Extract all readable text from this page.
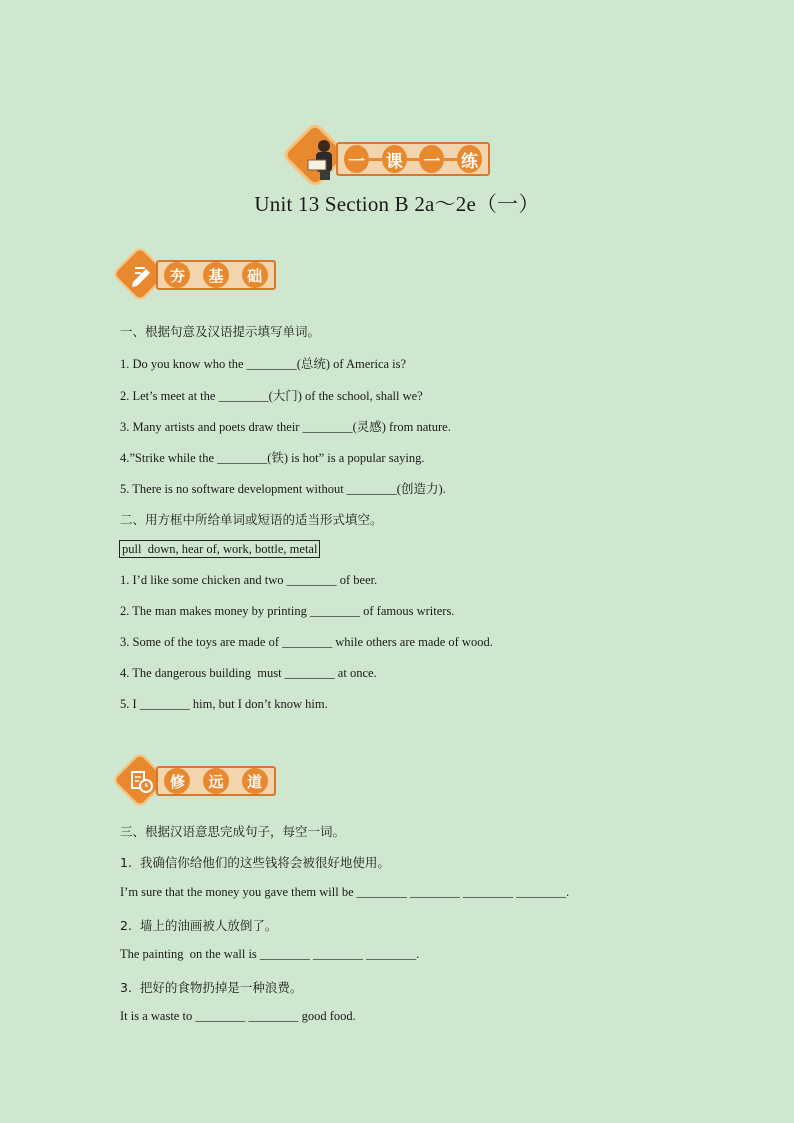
一 课 一 练
Unit 13 Section B 2a～2e（一）
夯	基	础
一、根据句意及汉语提示填写单词。
1. Do you know who the ________(总统) of America is?
2. Let’s meet at the ________(大门) of the school, shall we?
3. Many artists and poets draw their ________(灵感) from nature.
4.”Strike while the ________(铁) is hot” is a popular saying.
5. There is no software development without ________(创造力).
二、用方框中所给单词或短语的适当形式填空。
pull  down, hear of, work, bottle, metal
1. I’d like some chicken and two ________ of beer.
2. The man makes money by printing ________ of famous writers.
3. Some of the toys are made of ________ while others are made of wood.
4. The dangerous building  must ________ at once.
5. I ________ him, but I don’t know him.
修	远	道
三、根据汉语意思完成句子，每空一词。
1.  我确信你给他们的这些钱将会被很好地使用。
I’m sure that the money you gave them will be ________ ________ ________ ________.
2.  墙上的油画被人放倒了。
The painting  on the wall is ________ ________ ________.
3.  把好的食物扔掉是一种浪费。
It is a waste to ________ ________ good food.
